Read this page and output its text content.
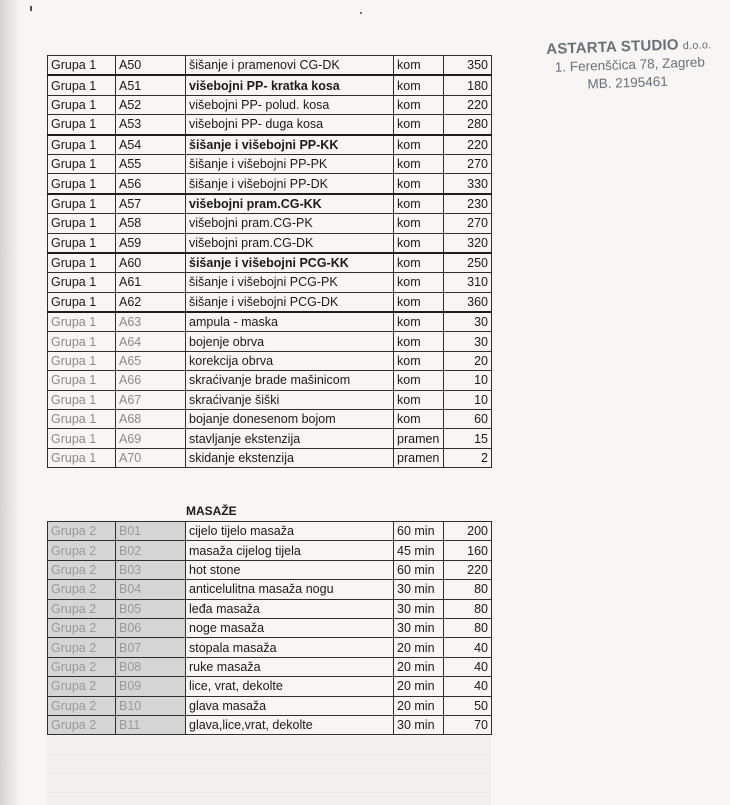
ASTARTA STUDIO d.o.o.
1. Ferenščica 78, Zagreb
MB. 2195461
Grupa 1	A50	šišanje i pramenovi CG-DK	kom	350
Grupa 1	A51	višebojni PP- kratka kosa	kom	180
Grupa 1	A52	višebojni PP- polud. kosa	kom	220
Grupa 1	A53	višebojni PP- duga kosa	kom	280
Grupa 1	A54	šišanje i višebojni PP-KK	kom	220
Grupa 1	A55	šišanje i višebojni PP-PK	kom	270
Grupa 1	A56	šišanje i višebojni PP-DK	kom	330
Grupa 1	A57	višebojni pram.CG-KK	kom	230
Grupa 1	A58	višebojni pram.CG-PK	kom	270
Grupa 1	A59	višebojni pram.CG-DK	kom	320
Grupa 1	A60	šišanje i višebojni PCG-KK	kom	250
Grupa 1	A61	šišanje i višebojni PCG-PK	kom	310
Grupa 1	A62	šišanje i višebojni PCG-DK	kom	360
Grupa 1	A63	ampula - maska	kom	30
Grupa 1	A64	bojenje obrva	kom	30
Grupa 1	A65	korekcija obrva	kom	20
Grupa 1	A66	skraćivanje brade mašinicom	kom	10
Grupa 1	A67	skraćivanje šiški	kom	10
Grupa 1	A68	bojanje donesenom bojom	kom	60
Grupa 1	A69	stavljanje ekstenzija	pramen	15
Grupa 1	A70	skidanje ekstenzija	pramen	2
MASAŽE
Grupa 2	B01	cijelo tijelo masaža	60 min	200
Grupa 2	B02	masaža cijelog tijela	45 min	160
Grupa 2	B03	hot stone	60 min	220
Grupa 2	B04	anticelulitna masaža nogu	30 min	80
Grupa 2	B05	leđa masaža	30 min	80
Grupa 2	B06	noge masaža	30 min	80
Grupa 2	B07	stopala masaža	20 min	40
Grupa 2	B08	ruke masaža	20 min	40
Grupa 2	B09	lice, vrat, dekolte	20 min	40
Grupa 2	B10	glava masaža	20 min	50
Grupa 2	B11	glava,lice,vrat, dekolte	30 min	70
